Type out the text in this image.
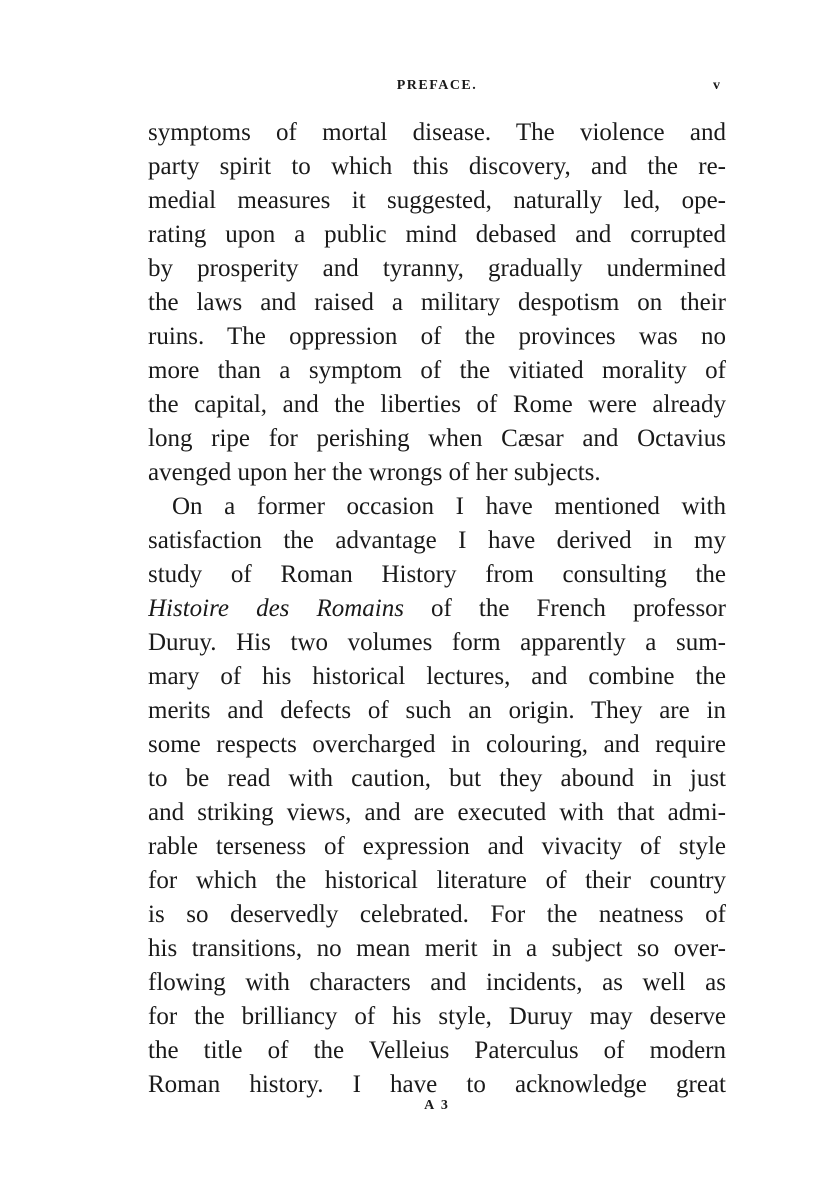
PREFACE.	v
symptoms of mortal disease. The violence and
party spirit to which this discovery, and the re-
medial measures it suggested, naturally led, ope-
rating upon a public mind debased and corrupted
by prosperity and tyranny, gradually undermined
the laws and raised a military despotism on their
ruins. The oppression of the provinces was no
more than a symptom of the vitiated morality of
the capital, and the liberties of Rome were already
long ripe for perishing when Cæsar and Octavius
avenged upon her the wrongs of her subjects.
On a former occasion I have mentioned with
satisfaction the advantage I have derived in my
study of Roman History from consulting the
Histoire des Romains of the French professor
Duruy. His two volumes form apparently a sum-
mary of his historical lectures, and combine the
merits and defects of such an origin. They are in
some respects overcharged in colouring, and require
to be read with caution, but they abound in just
and striking views, and are executed with that admi-
rable terseness of expression and vivacity of style
for which the historical literature of their country
is so deservedly celebrated. For the neatness of
his transitions, no mean merit in a subject so over-
flowing with characters and incidents, as well as
for the brilliancy of his style, Duruy may deserve
the title of the Velleius Paterculus of modern
Roman history. I have to acknowledge great
A 3
